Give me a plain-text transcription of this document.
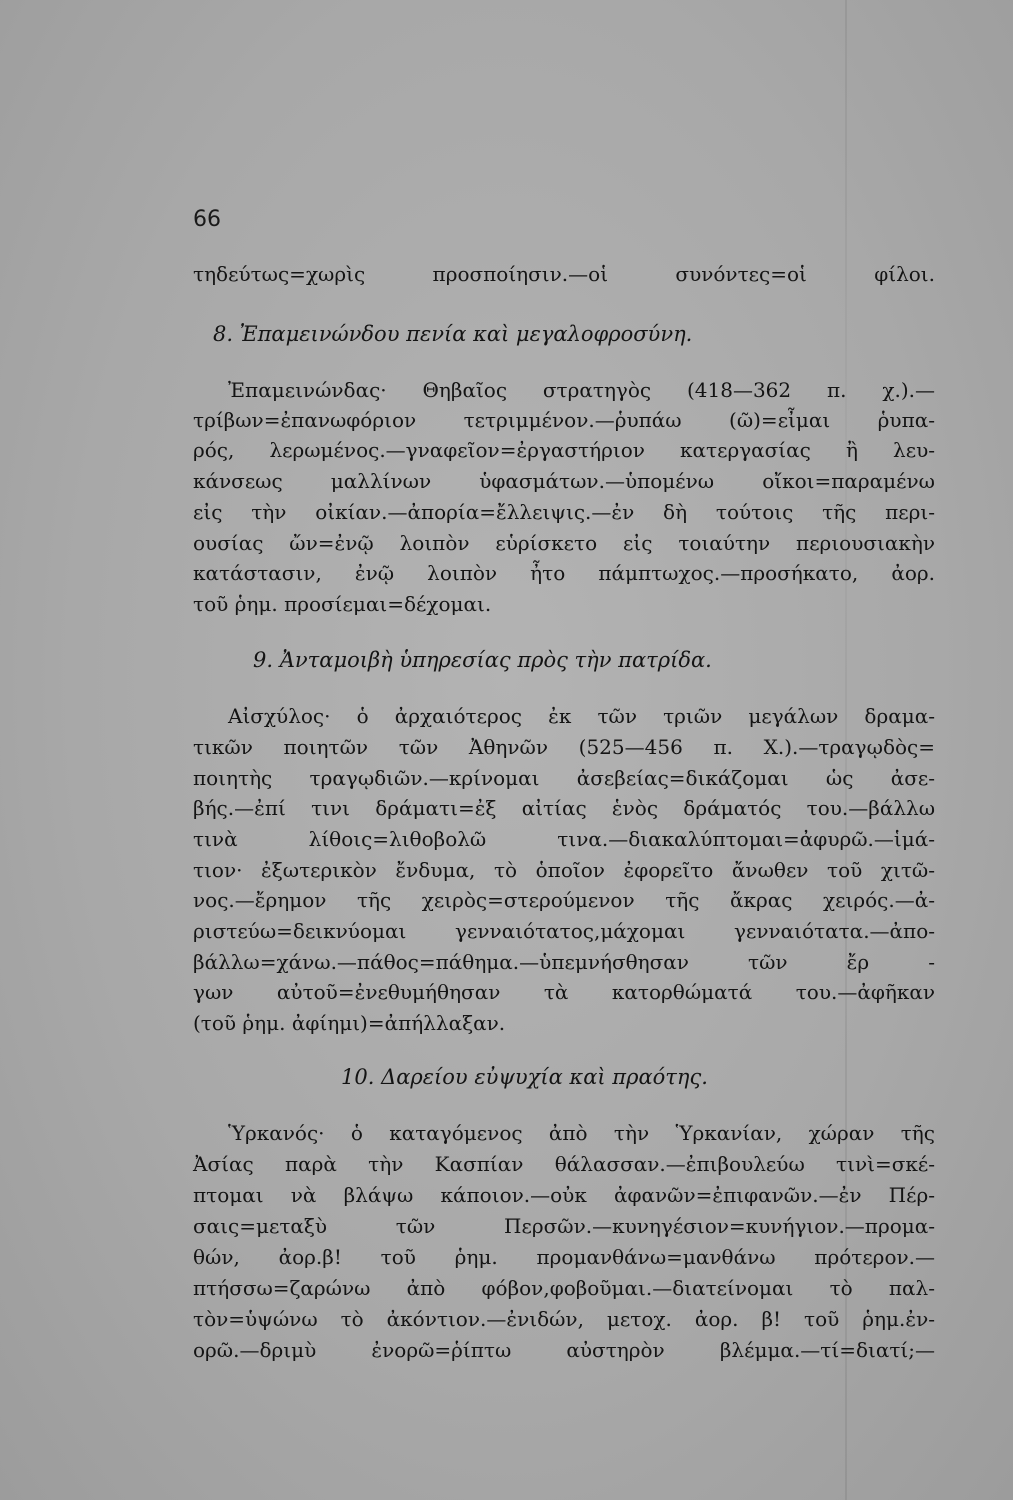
66
τηδεύτως=χωρὶς προσποίησιν.—οἱ συνόντες=οἱ φίλοι.
8. Ἐπαμεινώνδου πενία καὶ μεγαλοφροσύνη.
Ἐπαμεινώνδας· Θηβαῖος στρατηγὸς (418—362 π. χ.).—
τρίβων=ἐπανωφόριον τετριμμένον.—ῥυπάω (ῶ)=εἶμαι ῥυπα-
ρός, λερωμένος.—γναφεῖον=ἐργαστήριον κατεργασίας ἢ λευ-
κάνσεως μαλλίνων ὑφασμάτων.—ὑπομένω οἴκοι=παραμένω
εἰς τὴν οἰκίαν.—ἀπορία=ἔλλειψις.—ἐν δὴ τούτοις τῆς περι-
ουσίας ὤν=ἐνῷ λοιπὸν εὑρίσκετο εἰς τοιαύτην περιουσιακὴν
κατάστασιν, ἐνῷ λοιπὸν ἦτο πάμπτωχος.—προσήκατο, ἀορ.
τοῦ ῥημ. προσίεμαι=δέχομαι.
9. Ἀνταμοιβὴ ὑπηρεσίας πρὸς τὴν πατρίδα.
Αἰσχύλος· ὁ ἀρχαιότερος ἐκ τῶν τριῶν μεγάλων δραμα-
τικῶν ποιητῶν τῶν Ἀθηνῶν (525—456 π. Χ.).—τραγῳδὸς=
ποιητὴς τραγῳδιῶν.—κρίνομαι ἀσεβείας=δικάζομαι ὡς ἀσε-
βής.—ἐπί τινι δράματι=ἐξ αἰτίας ἑνὸς δράματός του.—βάλλω
τινὰ λίθοις=λιθοβολῶ τινα.—διακαλύπτομαι=ἀφυρῶ.—ἱμά-
τιον· ἐξωτερικὸν ἔνδυμα, τὸ ὁποῖον ἐφορεῖτο ἄνωθεν τοῦ χιτῶ-
νος.—ἔρημον τῆς χειρὸς=στερούμενον τῆς ἄκρας χειρός.—ἀ-
ριστεύω=δεικνύομαι γενναιότατος,μάχομαι γενναιότατα.—ἀπο-
βάλλω=χάνω.—πάθος=πάθημα.—ὑπεμνήσθησαν τῶν ἔρ -
γων αὐτοῦ=ἐνεθυμήθησαν τὰ κατορθώματά του.—ἀφῆκαν
(τοῦ ῥημ. ἀφίημι)=ἀπήλλαξαν.
10. Δαρείου εὐψυχία καὶ πραότης.
Ὑρκανός· ὁ καταγόμενος ἀπὸ τὴν Ὑρκανίαν, χώραν τῆς
Ἀσίας παρὰ τὴν Κασπίαν θάλασσαν.—ἐπιβουλεύω τινὶ=σκέ-
πτομαι νὰ βλάψω κάποιον.—οὐκ ἀφανῶν=ἐπιφανῶν.—ἐν Πέρ-
σαις=μεταξὺ τῶν Περσῶν.—κυνηγέσιον=κυνήγιον.—προμα-
θών, ἀορ.β! τοῦ ῥημ. προμανθάνω=μανθάνω πρότερον.—
πτήσσω=ζαρώνω ἀπὸ φόβον,φοβοῦμαι.—διατείνομαι τὸ παλ-
τὸν=ὑψώνω τὸ ἀκόντιον.—ἐνιδών, μετοχ. ἀορ. β! τοῦ ῥημ.ἐν-
ορῶ.—δριμὺ ἐνορῶ=ῥίπτω αὐστηρὸν βλέμμα.—τί=διατί;—
